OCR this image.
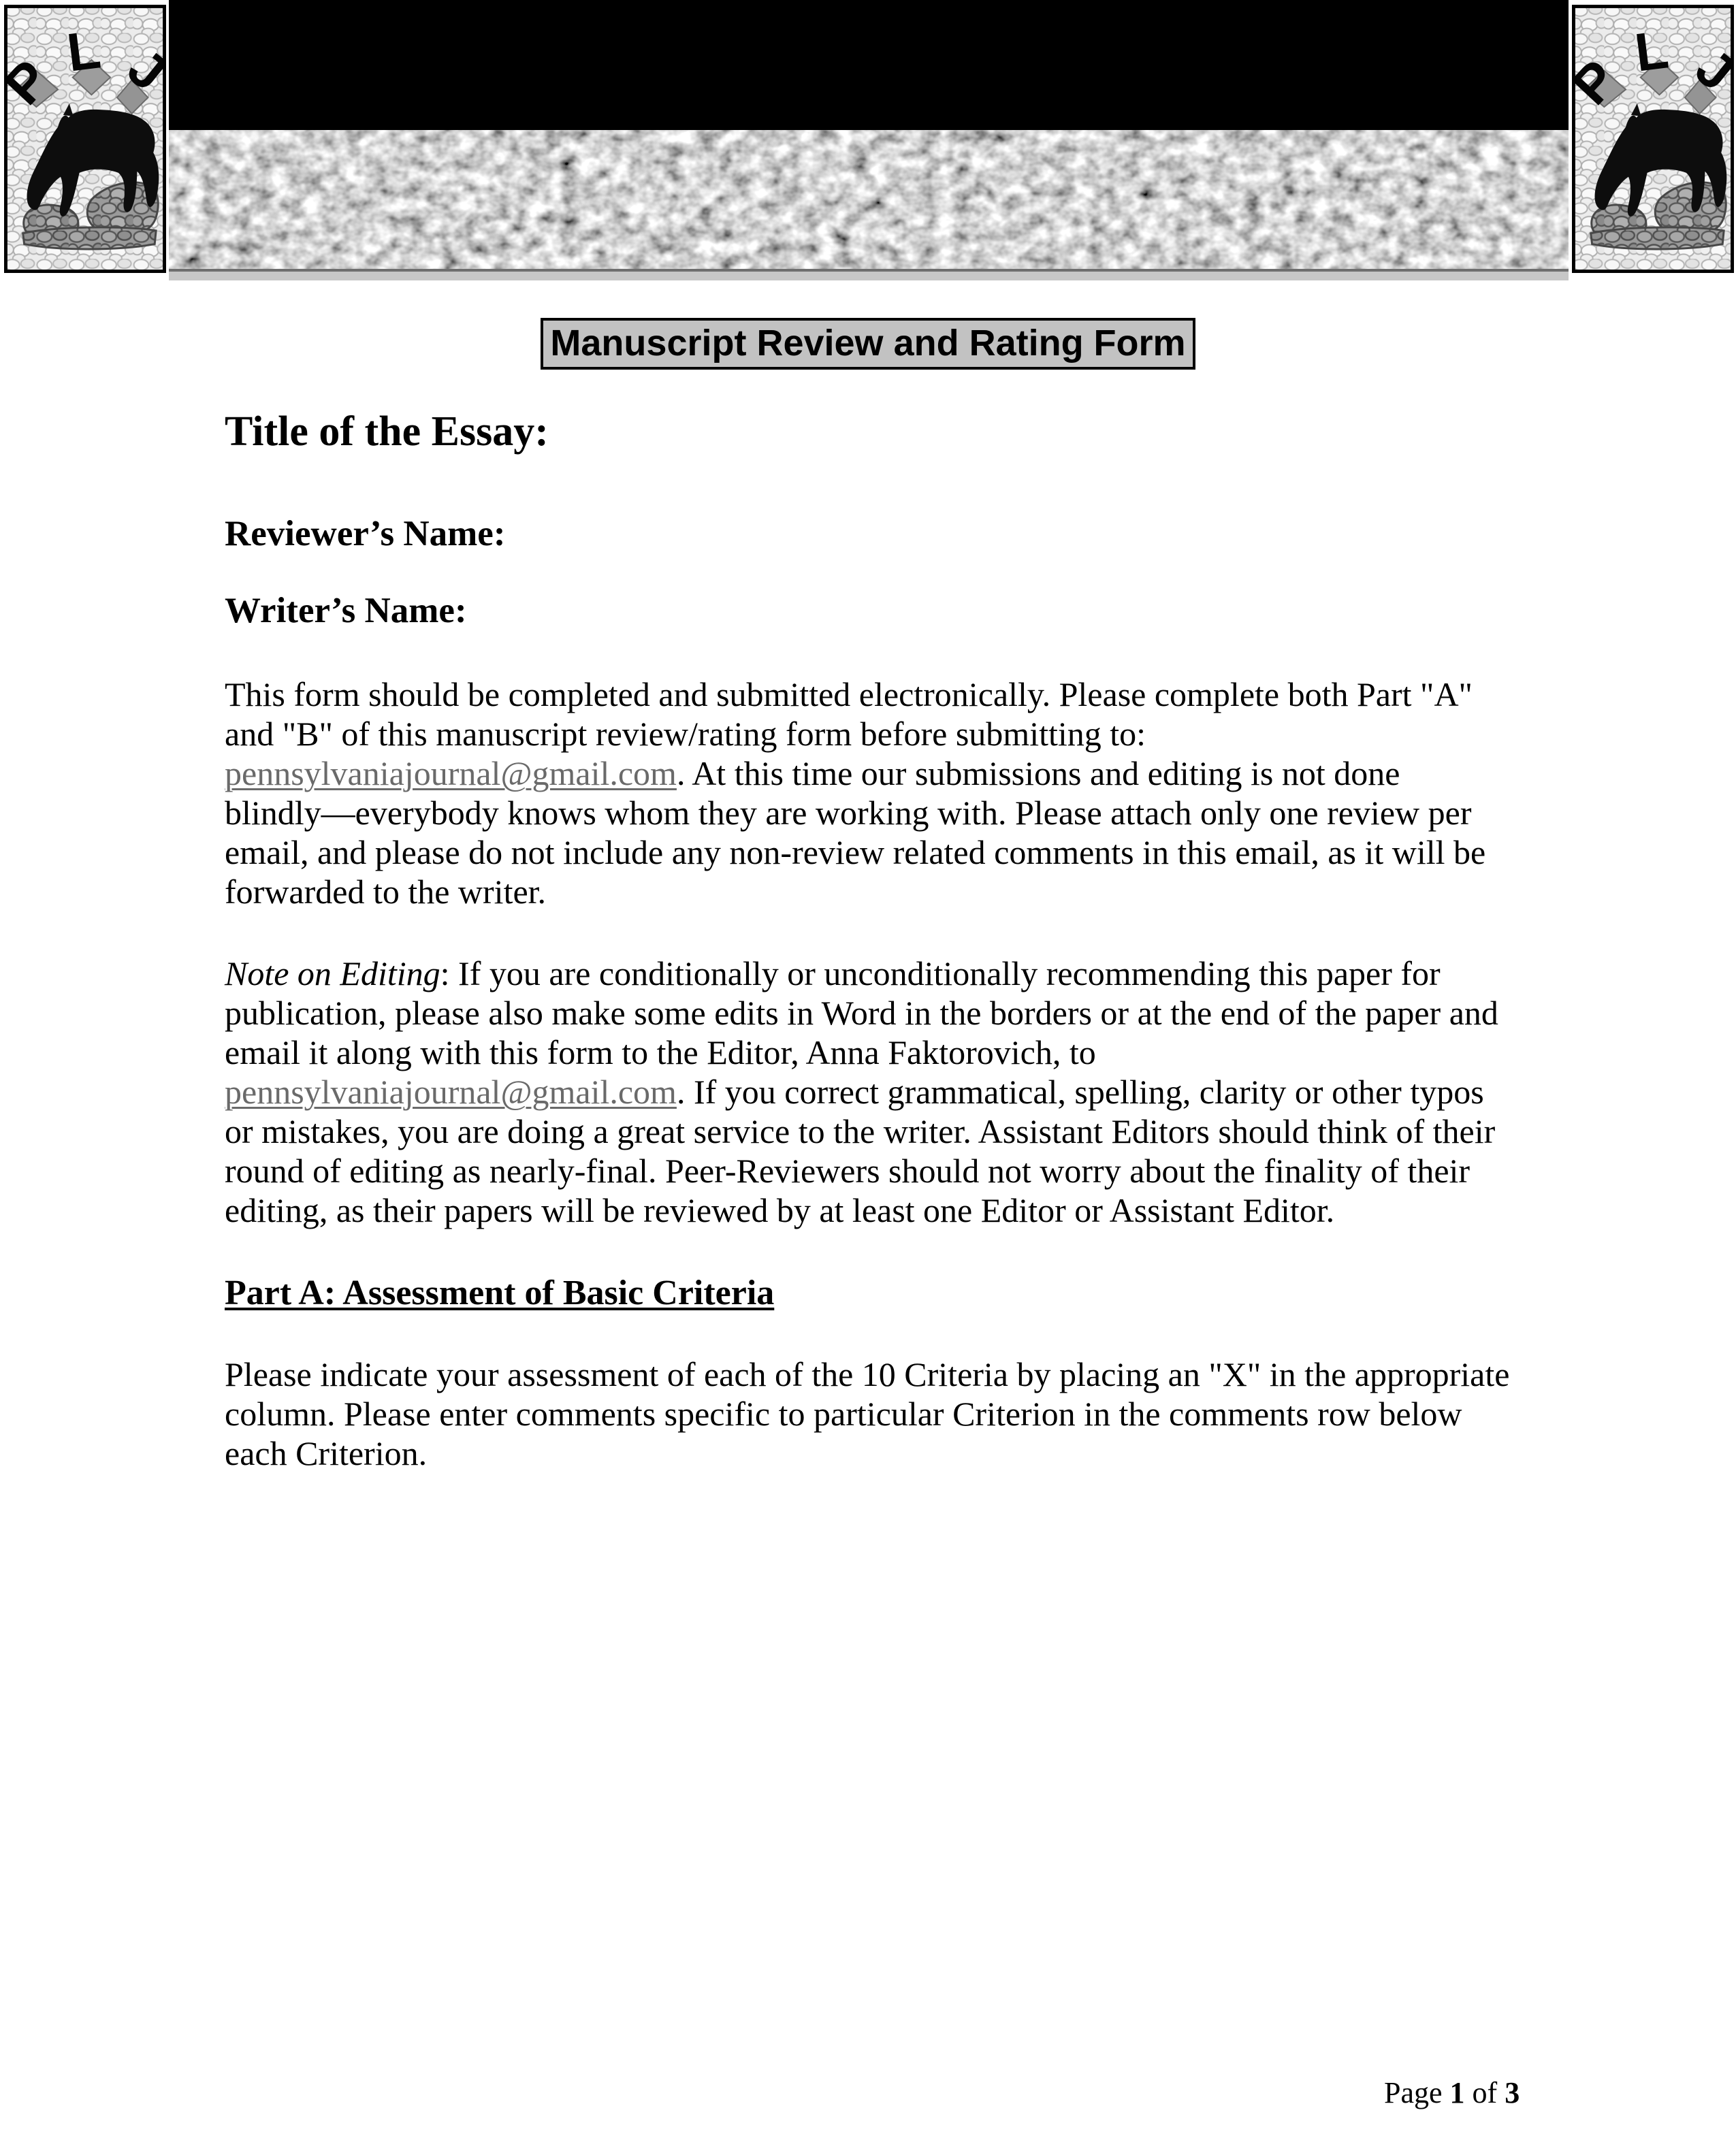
Manuscript Review and Rating Form
Title of the Essay:
Reviewer’s Name:
Writer’s Name:

This form should be completed and submitted electronically. Please complete both Part "A" and "B" of this manuscript review/rating form before submitting to: pennsylvaniajournal@gmail.com. At this time our submissions and editing is not done blindly––everybody knows whom they are working with. Please attach only one review per email, and please do not include any non-review related comments in this email, as it will be forwarded to the writer.

Note on Editing: If you are conditionally or unconditionally recommending this paper for publication, please also make some edits in Word in the borders or at the end of the paper and email it along with this form to the Editor, Anna Faktorovich, to pennsylvaniajournal@gmail.com. If you correct grammatical, spelling, clarity or other typos or mistakes, you are doing a great service to the writer. Assistant Editors should think of their round of editing as nearly-final. Peer-Reviewers should not worry about the finality of their editing, as their papers will be reviewed by at least one Editor or Assistant Editor.

Part A: Assessment of Basic Criteria

Please indicate your assessment of each of the 10 Criteria by placing an "X" in the appropriate column. Please enter comments specific to particular Criterion in the comments row below each Criterion.

Page 1 of 3
